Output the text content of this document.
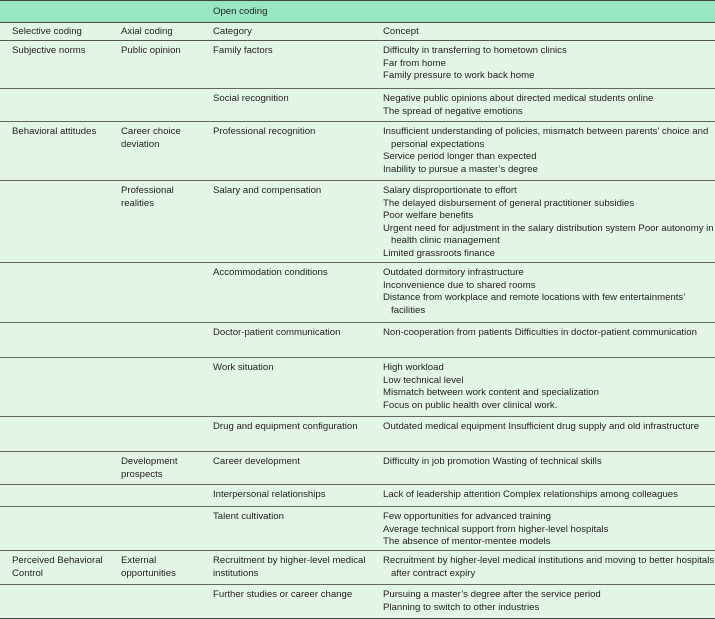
		Open coding	
Selective coding	Axial coding	Category	Concept
Subjective norms	Public opinion	Family factors	Difficulty in transferring to hometown clinics
Far from home
Family pressure to work back home

		Social recognition	Negative public opinions about directed medical students online
The spread of negative emotions

Behavioral attitudes	Career choice deviation	Professional recognition	Insufficient understanding of policies, mismatch between parents’ choice and personal expectations
Service period longer than expected
Inability to pursue a master’s degree

	Professional realities	Salary and compensation	Salary disproportionate to effort
The delayed disbursement of general practitioner subsidies
Poor welfare benefits
Urgent need for adjustment in the salary distribution system Poor autonomy in health clinic management
Limited grassroots finance

		Accommodation conditions	Outdated dormitory infrastructure
Inconvenience due to shared rooms
Distance from workplace and remote locations with few entertainments’ facilities

		Doctor-patient communication	Non-cooperation from patients Difficulties in doctor-patient communication

		Work situation	High workload
Low technical level
Mismatch between work content and specialization
Focus on public health over clinical work.

		Drug and equipment configuration	Outdated medical equipment Insufficient drug supply and old infrastructure

	Development prospects	Career development	Difficulty in job promotion Wasting of technical skills

		Interpersonal relationships	Lack of leadership attention Complex relationships among colleagues

		Talent cultivation	Few opportunities for advanced training
Average technical support from higher-level hospitals
The absence of mentor-mentee models

Perceived Behavioral Control	External opportunities	Recruitment by higher-level medical institutions	Recruitment by higher-level medical institutions and moving to better hospitals after contract expiry

		Further studies or career change	Pursuing a master’s degree after the service period
Planning to switch to other industries
